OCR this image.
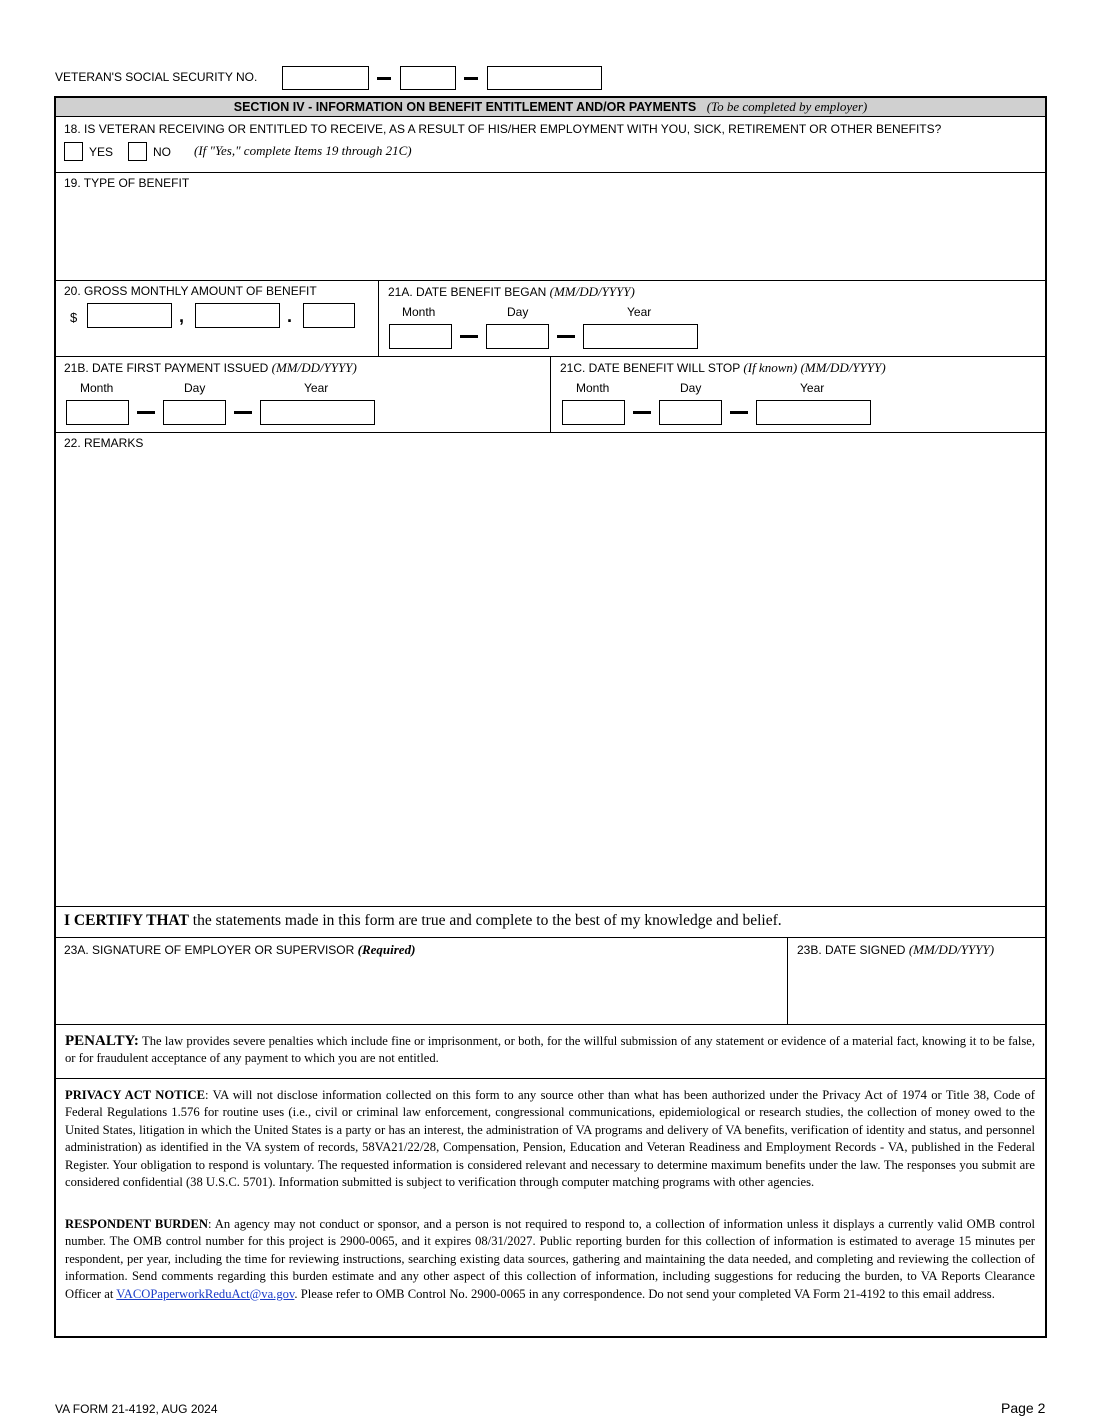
VETERAN'S SOCIAL SECURITY NO.
SECTION IV - INFORMATION ON BENEFIT ENTITLEMENT AND/OR PAYMENTS (To be completed by employer)
18. IS VETERAN RECEIVING OR ENTITLED TO RECEIVE, AS A RESULT OF HIS/HER EMPLOYMENT WITH YOU, SICK, RETIREMENT OR OTHER BENEFITS?
YES	NO (If "Yes," complete Items 19 through 21C)
19. TYPE OF BENEFIT
20. GROSS MONTHLY AMOUNT OF BENEFIT
$	,	.
21A. DATE BENEFIT BEGAN (MM/DD/YYYY)
Month	Day	Year
21B. DATE FIRST PAYMENT ISSUED (MM/DD/YYYY)
Month	Day	Year
21C. DATE BENEFIT WILL STOP (If known) (MM/DD/YYYY)
Month	Day	Year
22. REMARKS
I CERTIFY THAT the statements made in this form are true and complete to the best of my knowledge and belief.
23A. SIGNATURE OF EMPLOYER OR SUPERVISOR (Required)	23B. DATE SIGNED (MM/DD/YYYY)
PENALTY: The law provides severe penalties which include fine or imprisonment, or both, for the willful submission of any statement or evidence of a material fact, knowing it to be false, or for fraudulent acceptance of any payment to which you are not entitled.
PRIVACY ACT NOTICE: VA will not disclose information collected on this form to any source other than what has been authorized under the Privacy Act of 1974 or Title 38, Code of Federal Regulations 1.576 for routine uses (i.e., civil or criminal law enforcement, congressional communications, epidemiological or research studies, the collection of money owed to the United States, litigation in which the United States is a party or has an interest, the administration of VA programs and delivery of VA benefits, verification of identity and status, and personnel administration) as identified in the VA system of records, 58VA21/22/28, Compensation, Pension, Education and Veteran Readiness and Employment Records - VA, published in the Federal Register. Your obligation to respond is voluntary. The requested information is considered relevant and necessary to determine maximum benefits under the law. The responses you submit are considered confidential (38 U.S.C. 5701). Information submitted is subject to verification through computer matching programs with other agencies.
RESPONDENT BURDEN: An agency may not conduct or sponsor, and a person is not required to respond to, a collection of information unless it displays a currently valid OMB control number. The OMB control number for this project is 2900-0065, and it expires 08/31/2027. Public reporting burden for this collection of information is estimated to average 15 minutes per respondent, per year, including the time for reviewing instructions, searching existing data sources, gathering and maintaining the data needed, and completing and reviewing the collection of information. Send comments regarding this burden estimate and any other aspect of this collection of information, including suggestions for reducing the burden, to VA Reports Clearance Officer at VACOPaperworkReduAct@va.gov. Please refer to OMB Control No. 2900-0065 in any correspondence. Do not send your completed VA Form 21-4192 to this email address.
VA FORM 21-4192, AUG 2024	Page 2
